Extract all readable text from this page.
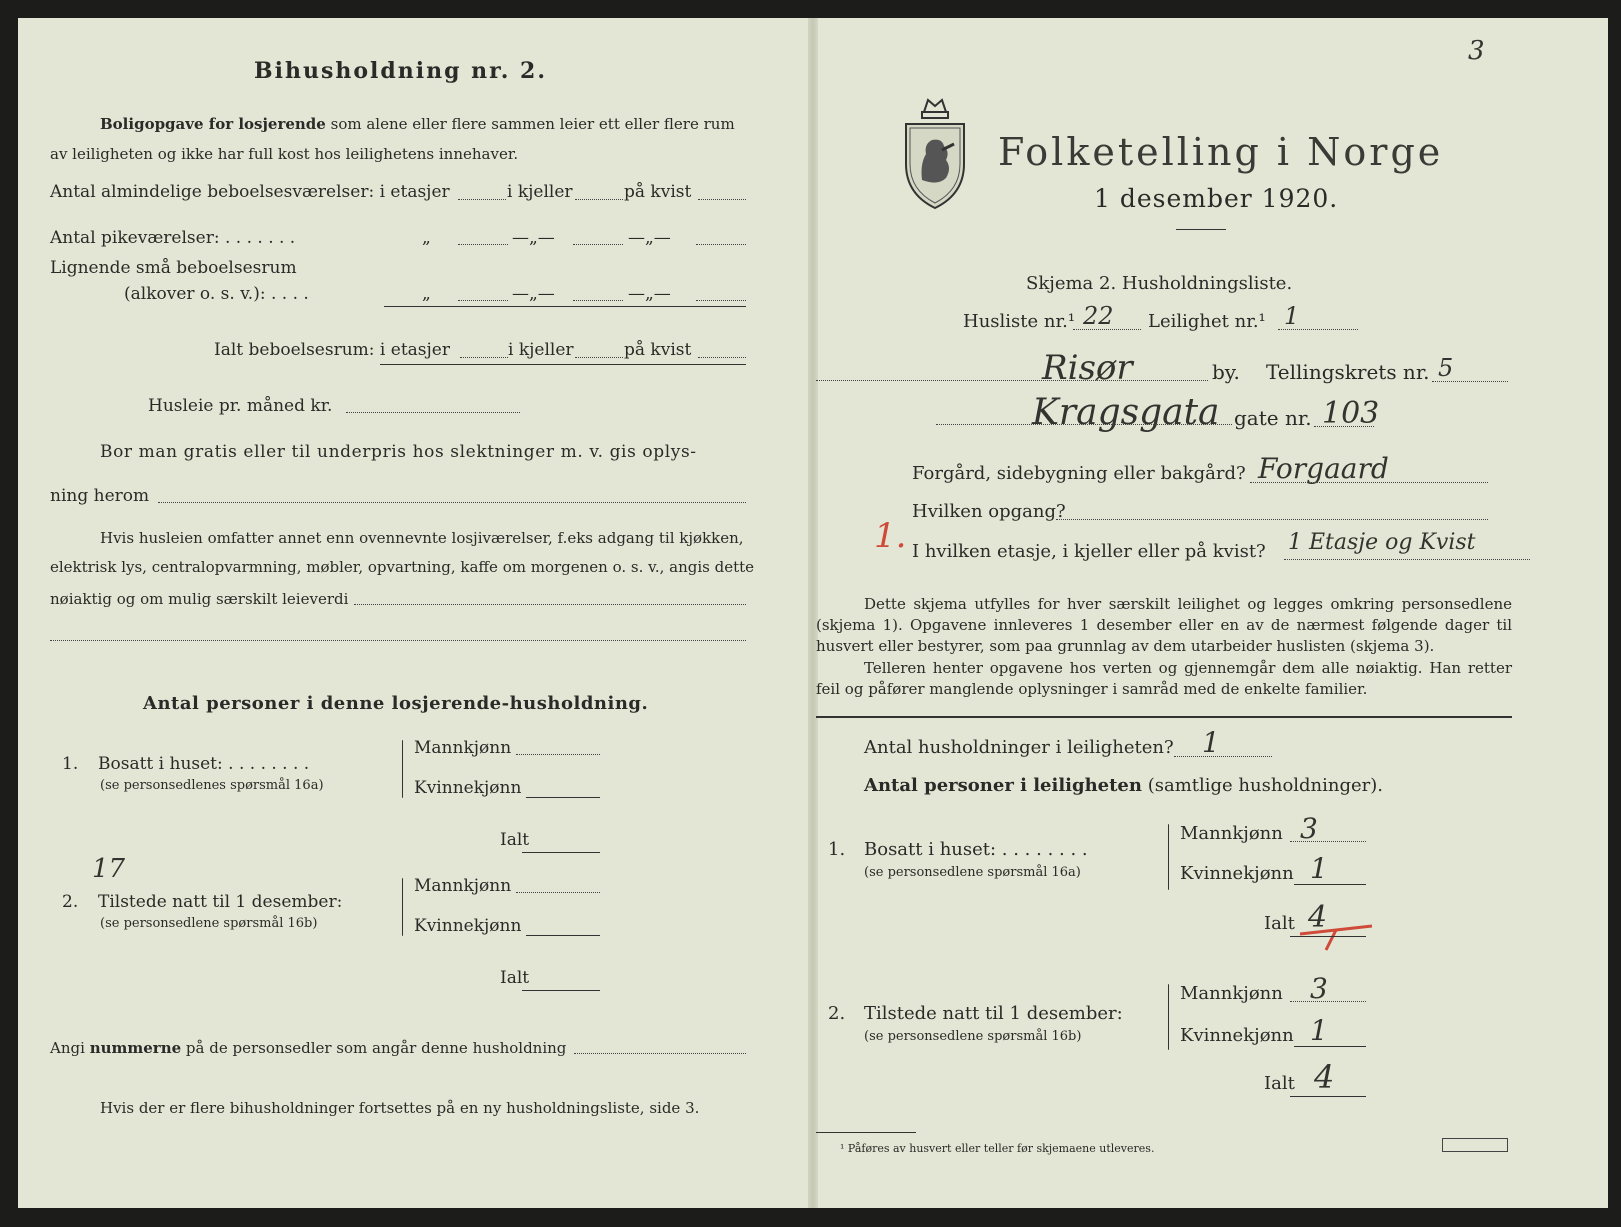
Bihusholdning nr. 2.
Boligopgave for losjerende som alene eller flere sammen leier ett eller flere rum
av leiligheten og ikke har full kost hos leilighetens innehaver.
Antal almindelige beboelsesværelser: i etasjer	i kjeller	på kvist
Antal pikeværelser: . . . . . . .	„	—„—	—„—
Lignende små beboelsesrum
(alkover o. s. v.): . . . .	„	—„—	—„—
Ialt beboelsesrum: i etasjer	i kjeller	på kvist
Husleie pr. måned kr.
Bor man gratis eller til underpris hos slektninger m. v. gis oplys-
ning herom
Hvis husleien omfatter annet enn ovennevnte losjiværelser, f.eks adgang til kjøkken,
elektrisk lys, centralopvarmning, møbler, opvartning, kaffe om morgenen o. s. v., angis dette
nøiaktig og om mulig særskilt leieverdi
Antal personer i denne losjerende-husholdning.
1. Bosatt i huset: . . . . . . . .
(se personsedlenes spørsmål 16a)
Mannkjønn
Kvinnekjønn
Ialt
17
2. Tilstede natt til 1 desember:
(se personsedlene spørsmål 16b)
Mannkjønn
Kvinnekjønn
Ialt
Angi nummerne på de personsedler som angår denne husholdning
Hvis der er flere bihusholdninger fortsettes på en ny husholdningsliste, side 3.
3
Folketelling i Norge
1 desember 1920.
Skjema 2. Husholdningsliste.
Husliste nr.¹ 22 Leilighet nr.¹ 1
Risør	by. Tellingskrets nr. 5
Kragsgata gate nr. 103
Forgård, sidebygning eller bakgård? Forgaard
Hvilken opgang?
1. I hvilken etasje, i kjeller eller på kvist? 1 Etasje og Kvist
Dette skjema utfylles for hver særskilt leilighet og legges omkring personsedlene (skjema 1). Opgavene innleveres 1 desember eller en av de nærmest følgende dager til husvert eller bestyrer, som paa grunnlag av dem utarbeider huslisten (skjema 3).
Telleren henter opgavene hos verten og gjennemgår dem alle nøiaktig. Han retter feil og påfører manglende oplysninger i samråd med de enkelte familier.
Antal husholdninger i leiligheten? 1
Antal personer i leiligheten (samtlige husholdninger).
1. Bosatt i huset: . . . . . . . .
(se personsedlene spørsmål 16a)
Mannkjønn 3
Kvinnekjønn 1
Ialt 4
2. Tilstede natt til 1 desember:
(se personsedlene spørsmål 16b)
Mannkjønn 3
Kvinnekjønn 1
Ialt 4
¹ Påføres av husvert eller teller før skjemaene utleveres.
